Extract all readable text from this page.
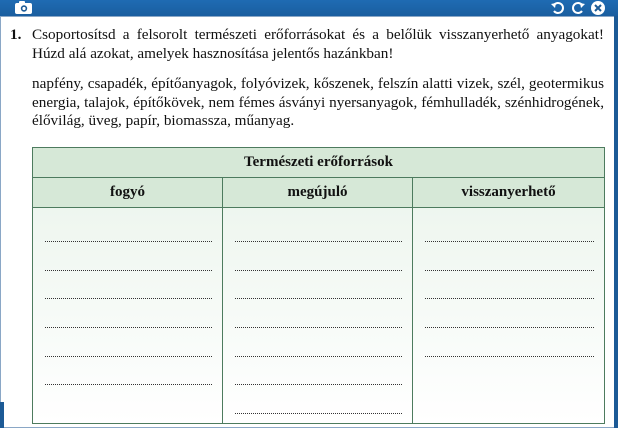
1. Csoportosítsd a felsorolt természeti erőforrásokat és a belőlük visszanyerhető anyagokat! Húzd alá azokat, amelyek hasznosítása jelentős hazánkban!
napfény, csapadék, építőanyagok, folyóvizek, kőszenek, felszín alatti vizek, szél, geotermikus energia, talajok, építőkövek, nem fémes ásványi nyersanyagok, fémhulladék, szénhidrogének, élővilág, üveg, papír, biomassza, műanyag.
Természeti erőforrások		
fogyó	megújuló	visszanyerhető
